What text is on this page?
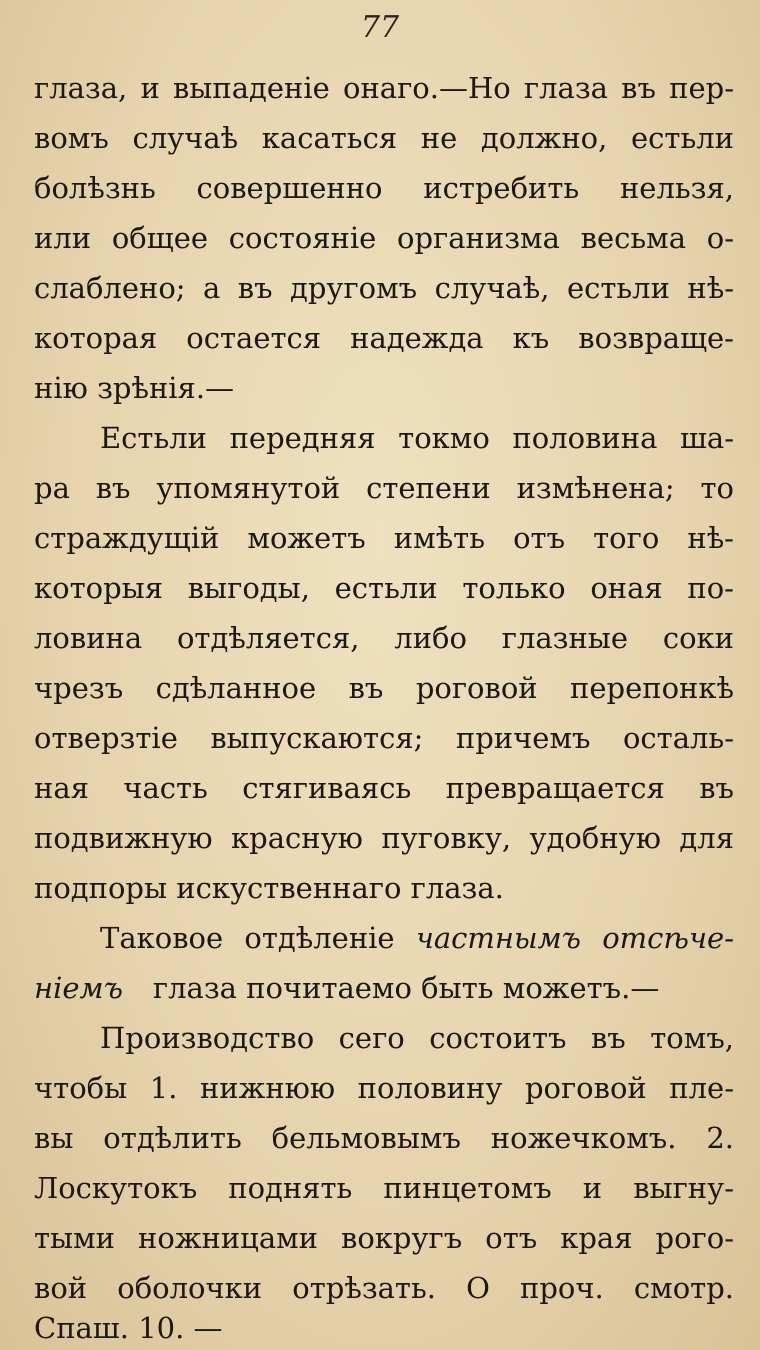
77
глаза, и выпаденіе онаго.—Но глаза въ пер-
вомъ случаѣ касаться не должно, естьли
болѣзнь совершенно истребить нельзя,
или общее состояніе организма весьма о-
слаблено; а въ другомъ случаѣ, естьли нѣ-
которая остается надежда къ возвраще-
нію зрѣнія.—
Естьли передняя токмо половина ша-
ра въ упомянутой степени измѣнена; то
страждущій можетъ имѣть отъ того нѣ-
которыя выгоды, естьли только оная по-
ловина отдѣляется, либо глазные соки
чрезъ сдѣланное въ роговой перепонкѣ
отверзтіе выпускаются; причемъ осталь-
ная часть стягиваясь превращается въ
подвижную красную пуговку, удобную для
подпоры искуственнаго глаза.
Таковое отдѣленіе частнымъ отсѣче-
ніемъ глаза почитаемо быть можетъ.—
Производство сего состоитъ въ томъ,
чтобы 1. нижнюю половину роговой пле-
вы отдѣлить бельмовымъ ножечкомъ. 2.
Лоскутокъ поднять пинцетомъ и выгну-
тыми ножницами вокругъ отъ края рого-
вой оболочки отрѣзать. О проч. смотр.
Спаш. 10. —
